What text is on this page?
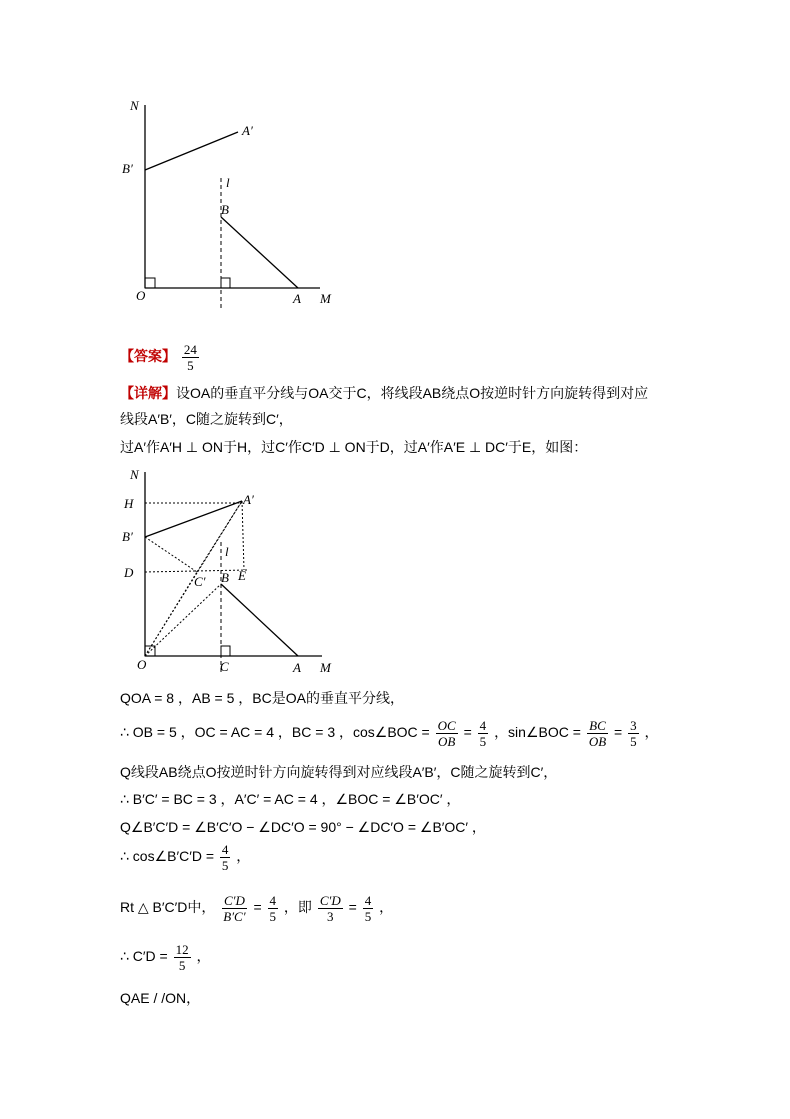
N
A′
B′
l
B
O	A M
【答案】 $\frac{24}{5}$
【详解】设OA的垂直平分线与OA交于C，将线段AB绕点O按逆时针方向旋转得到对应
线段A′B′，C随之旋转到C′，
过A′作A′H ⊥ ON于H，过C′作C′D ⊥ ON于D，过A′作A′E ⊥ DC′于E，如图：
N
H	A′
B′
l
D
C′ B E
O	C	A M
QOA = 8 ，AB = 5 ，BC是OA的垂直平分线，
∴ OB = 5 ，OC = AC = 4 ，BC = 3 ，cos∠BOC = $\frac{OC}{OB} = \frac{4}{5}$ ，sin∠BOC = $\frac{BC}{OB} = \frac{3}{5}$ ，
Q线段AB绕点O按逆时针方向旋转得到对应线段A′B′，C随之旋转到C′，
∴ B′C′ = BC = 3 ，A′C′ = AC = 4 ，∠BOC = ∠B′OC′ ，
Q∠B′C′D = ∠B′C′O − ∠DC′O = 90° − ∠DC′O = ∠B′OC′ ，
∴ cos∠B′C′D = $\frac{4}{5}$ ，
Rt △ B′C′D中， $\frac{C'D}{B'C'} = \frac{4}{5}$ ，即 $\frac{C'D}{3} = \frac{4}{5}$ ，
∴ $C'D = \frac{12}{5}$ ，
QAE / /ON，
